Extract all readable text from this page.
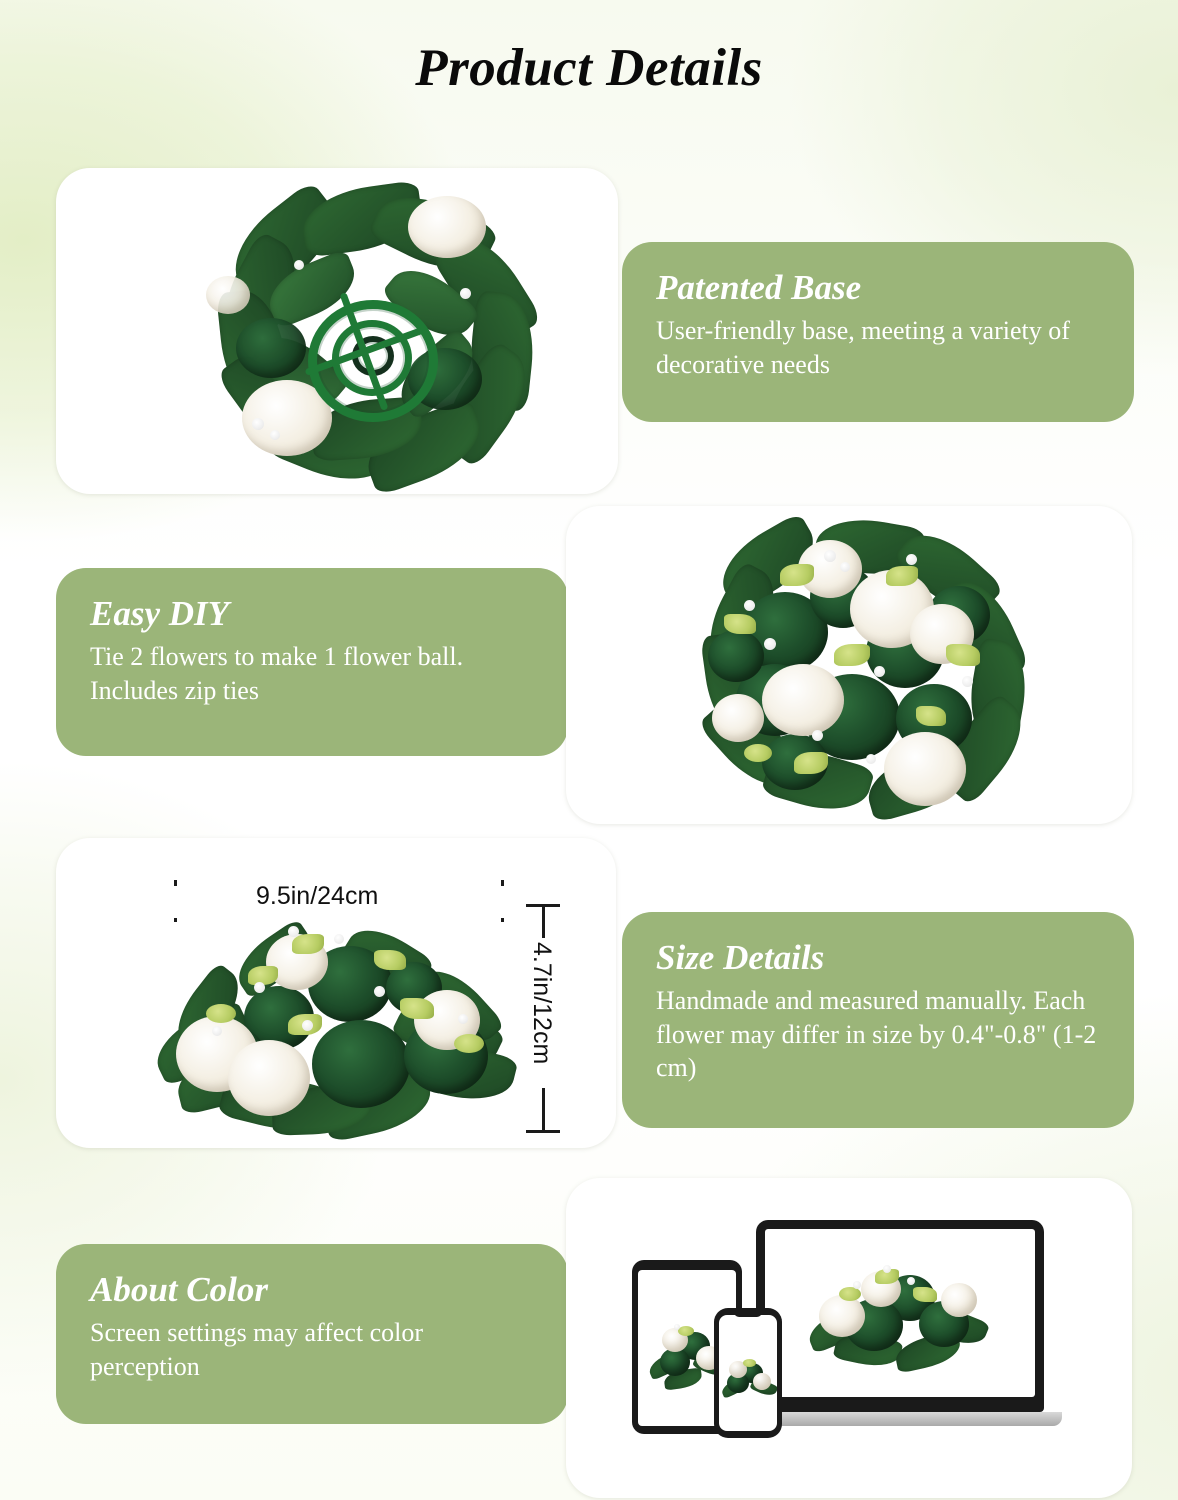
Product Details

Patented Base

User-friendly base, meeting a variety of decorative needs

Easy DIY

Tie 2 flowers to make 1 flower ball. Includes zip ties

9.5in/24cm
4.7in/12cm	Size Details

Handmade and measured manually. Each flower may differ in size by 0.4"-0.8" (1-2 cm)

About Color

Screen settings may affect color perception
